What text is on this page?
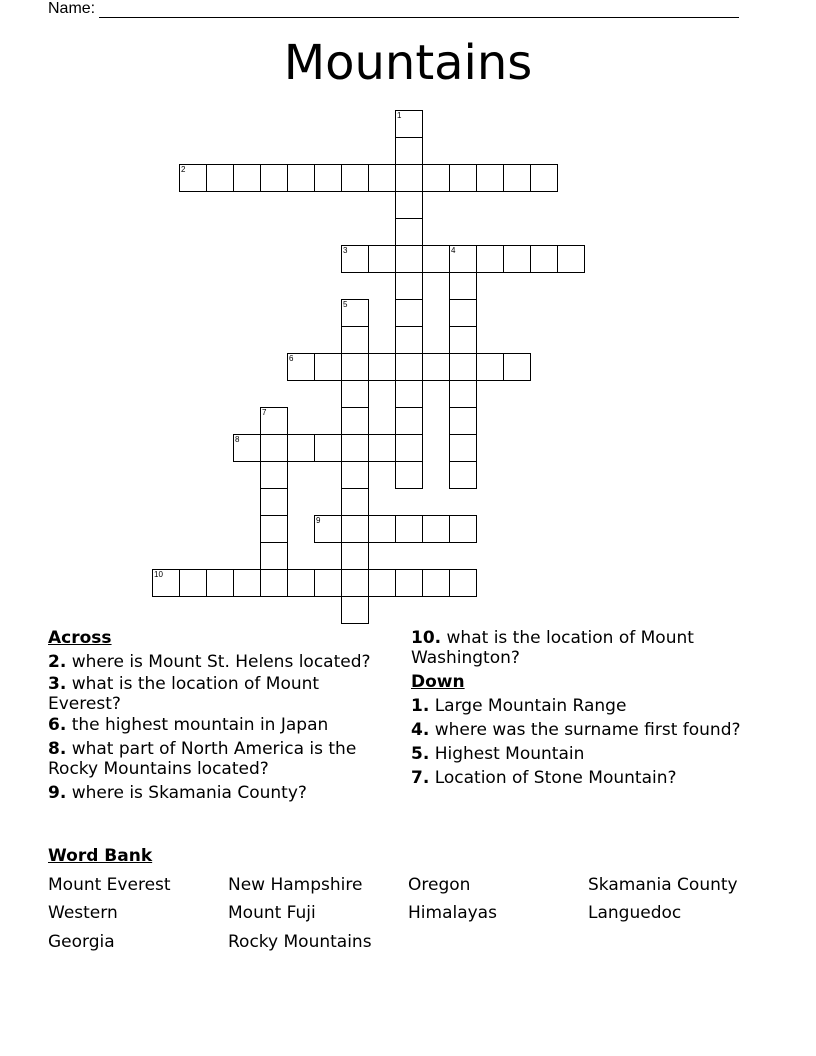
Name:
Mountains
1
2
3	4
5
6
7
8
9
10
Across
2. where is Mount St. Helens located?
3. what is the location of Mount Everest?
6. the highest mountain in Japan
8. what part of North America is the Rocky Mountains located?
9. where is Skamania County?
10. what is the location of Mount Washington?
Down
1. Large Mountain Range
4. where was the surname first found?
5. Highest Mountain
7. Location of Stone Mountain?
Word Bank
Mount Everest	New Hampshire	Oregon	Skamania County
Western	Mount Fuji	Himalayas	Languedoc
Georgia	Rocky Mountains
